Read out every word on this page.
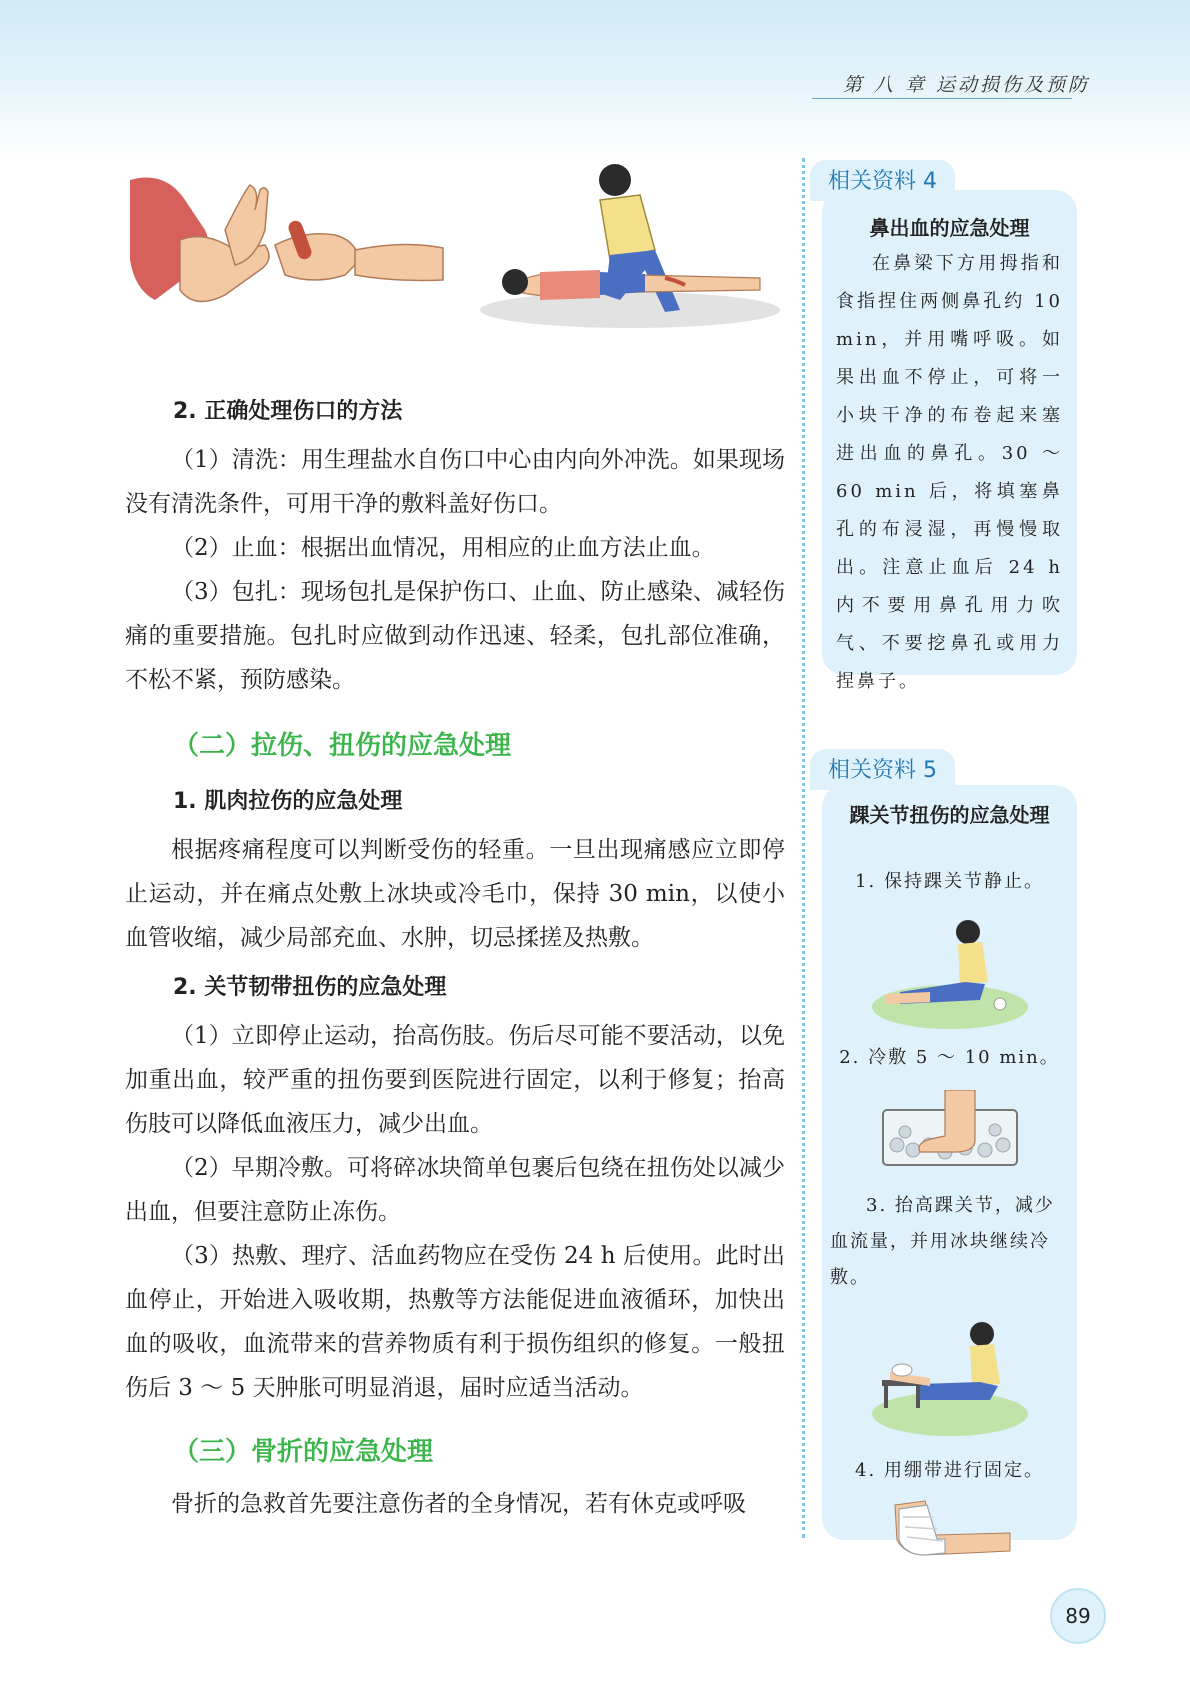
第 八 章 运动损伤及预防

2. 正确处理伤口的方法

（1）清洗：用生理盐水自伤口中心由内向外冲洗。如果现场没有清洗条件，可用干净的敷料盖好伤口。

（2）止血：根据出血情况，用相应的止血方法止血。

（3）包扎：现场包扎是保护伤口、止血、防止感染、减轻伤痛的重要措施。包扎时应做到动作迅速、轻柔，包扎部位准确，不松不紧，预防感染。

（二）拉伤、扭伤的应急处理

1. 肌肉拉伤的应急处理

根据疼痛程度可以判断受伤的轻重。一旦出现痛感应立即停止运动，并在痛点处敷上冰块或冷毛巾，保持 30 min，以使小血管收缩，减少局部充血、水肿，切忌揉搓及热敷。

2. 关节韧带扭伤的应急处理

（1）立即停止运动，抬高伤肢。伤后尽可能不要活动，以免加重出血，较严重的扭伤要到医院进行固定，以利于修复；抬高伤肢可以降低血液压力，减少出血。

（2）早期冷敷。可将碎冰块简单包裹后包绕在扭伤处以减少出血，但要注意防止冻伤。

（3）热敷、理疗、活血药物应在受伤 24 h 后使用。此时出血停止，开始进入吸收期，热敷等方法能促进血液循环，加快出血的吸收，血流带来的营养物质有利于损伤组织的修复。一般扭伤后 3 ～ 5 天肿胀可明显消退，届时应适当活动。

（三）骨折的应急处理

骨折的急救首先要注意伤者的全身情况，若有休克或呼吸

相关资料 4

鼻出血的应急处理

在鼻梁下方用拇指和食指捏住两侧鼻孔约 10 min，并用嘴呼吸。如果出血不停止，可将一小块干净的布卷起来塞进出血的鼻孔。30 ～ 60 min 后，将填塞鼻孔的布浸湿，再慢慢取出。注意止血后 24 h 内不要用鼻孔用力吹气、不要挖鼻孔或用力捏鼻子。

相关资料 5

踝关节扭伤的应急处理

1. 保持踝关节静止。

2. 冷敷 5 ～ 10 min。

3. 抬高踝关节，减少血流量，并用冰块继续冷敷。

4. 用绷带进行固定。

89
